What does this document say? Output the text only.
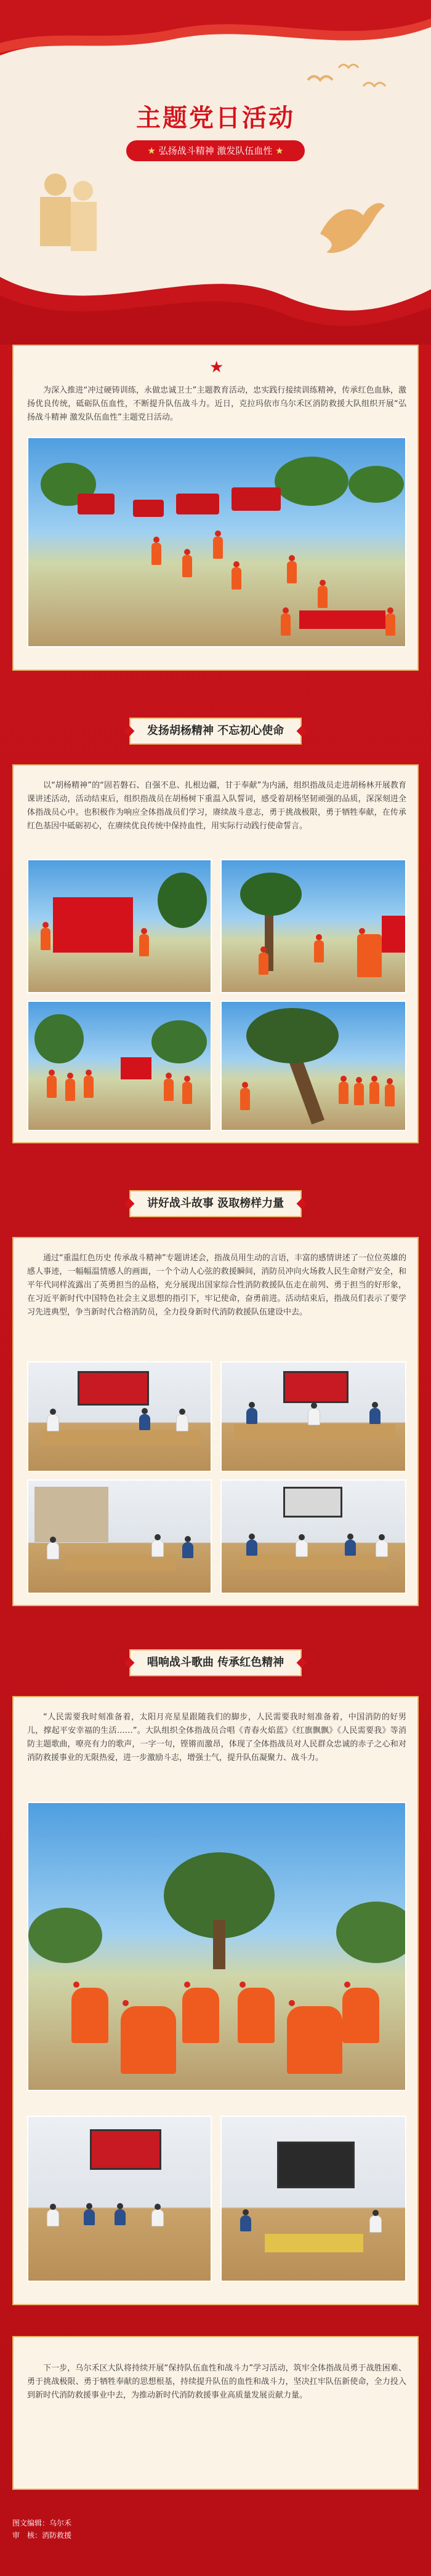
主题党日活动
★ 弘扬战斗精神 激发队伍血性 ★
★

为深入推进“冲过硬铸训练，永做忠诚卫士”主题教育活动，忠实践行接续训练精神，传承红色血脉，激扬优良传统，砥砺队伍血性，不断提升队伍战斗力。近日，克拉玛依市乌尔禾区消防救援大队组织开展“弘扬战斗精神 激发队伍血性”主题党日活动。

发扬胡杨精神 不忘初心使命

以“胡杨精神”的“固若磐石、自强不息、扎根边疆，甘于奉献”为内涵，组织指战员走进胡杨林开展教育课讲述活动，活动结束后，组织指战员在胡杨树下重温入队誓词，感受着胡杨坚韧顽强的品质，深深刻进全体指战员心中。也积极作为响应全体指战员们学习，赓续战斗意志，勇于挑战极限，勇于牺牲奉献，在传承红色基因中砥砺初心，在赓续优良传统中保持血性，用实际行动践行使命誓言。

讲好战斗故事 汲取榜样力量

通过“重温红色历史 传承战斗精神”专题讲述会，指战员用生动的言语，丰富的感情讲述了一位位英雄的感人事迹，一幅幅温情感人的画面，一个个动人心弦的救援瞬间，消防员冲向火场救人民生命财产安全，和平年代同样流露出了英勇担当的品格，充分展现出国家综合性消防救援队伍走在前列、勇于担当的好形象，在习近平新时代中国特色社会主义思想的指引下，牢记使命，奋勇前进。活动结束后，指战员们表示了要学习先进典型，争当新时代合格消防员，全力投身新时代消防救援队伍建设中去。

唱响战斗歌曲 传承红色精神

“人民需要我时刻准备着，太阳月亮星星跟随我们的脚步，人民需要我时刻准备着，中国消防的好男儿，撑起平安幸福的生活……”。大队组织全体指战员合唱《青春火焰蓝》《红旗飘飘》《人民需要我》等消防主题歌曲，嘹亮有力的歌声，一字一句，铿锵而激昂，体现了全体指战员对人民群众忠诚的赤子之心和对消防救援事业的无限热爱，进一步激励斗志，增强士气，提升队伍凝聚力、战斗力。

下一步，乌尔禾区大队将持续开展“保持队伍血性和战斗力”学习活动，筑牢全体指战员勇于战胜困难、勇于挑战极限、勇于牺牲奉献的思想根基，持续提升队伍的血性和战斗力，坚决扛牢队伍新使命，全力投入到新时代消防救援事业中去，为推动新时代消防救援事业高质量发展贡献力量。

图文编辑：乌尔禾
审　核：消防救援
